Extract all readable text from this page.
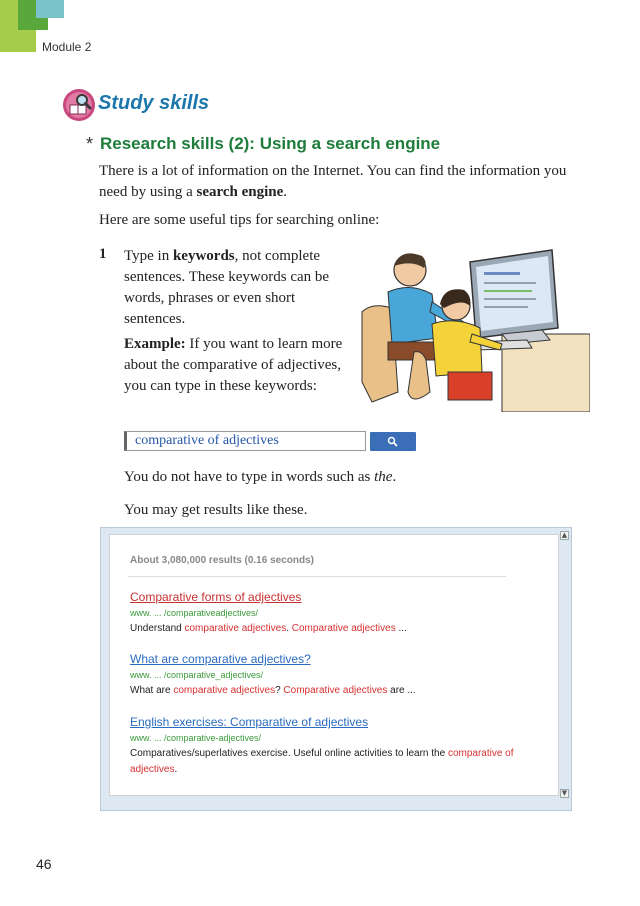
Module 2
Study skills
* Research skills (2): Using a search engine
There is a lot of information on the Internet. You can find the information you need by using a search engine.
Here are some useful tips for searching online:
1 Type in keywords, not complete sentences. These keywords can be words, phrases or even short sentences.
Example: If you want to learn more about the comparative of adjectives, you can type in these keywords:
comparative of adjectives
You do not have to type in words such as the.
You may get results like these.
▲
About 3,080,000 results (0.16 seconds)
Comparative forms of adjectives
www. ... /comparativeadjectives/
Understand comparative adjectives. Comparative adjectives ...
What are comparative adjectives?
www. ... /comparative_adjectives/
What are comparative adjectives? Comparative adjectives are ...
English exercises: Comparative of adjectives
www. ... /comparative-adjectives/
Comparatives/superlatives exercise. Useful online activities to learn the comparative of adjectives.
▼
46
